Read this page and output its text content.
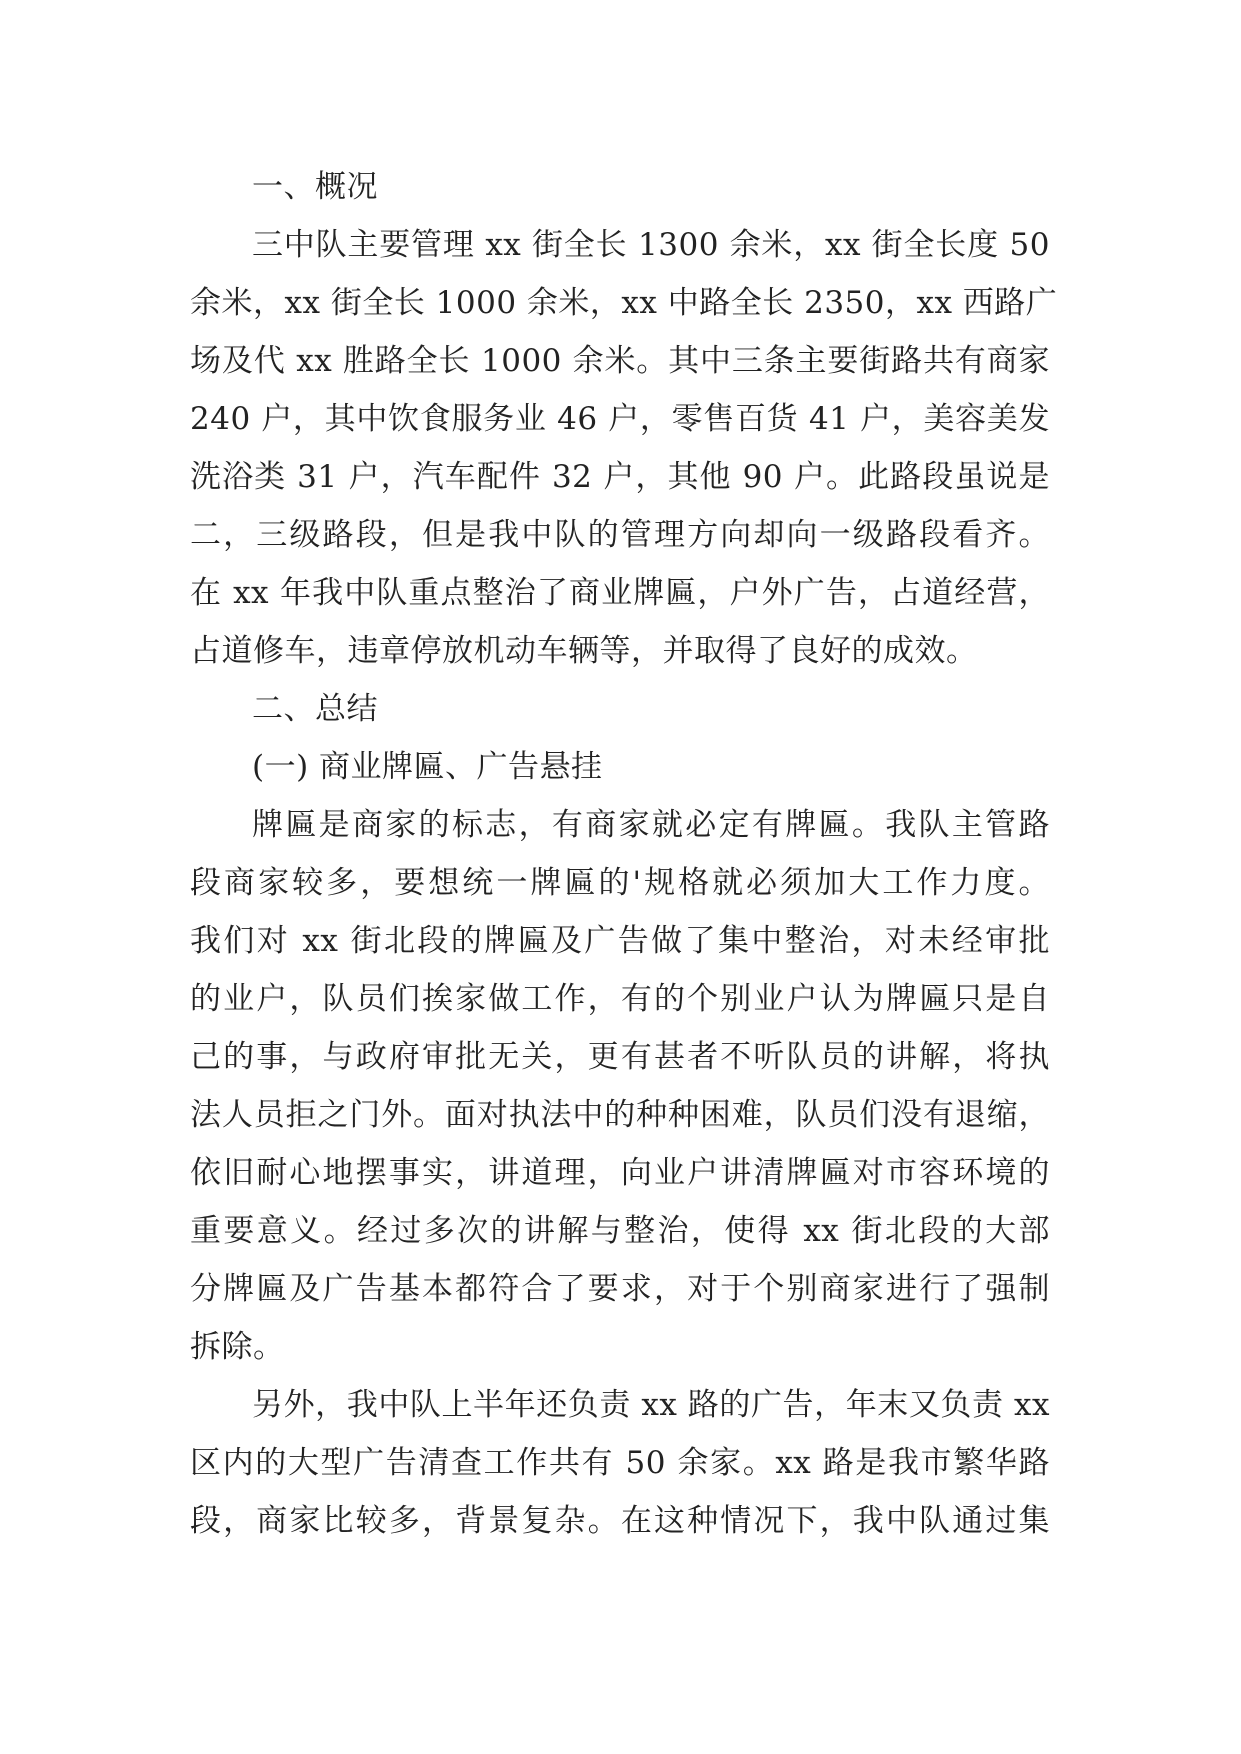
一、概况
三中队主要管理 xx 街全长 1300 余米，xx 街全长度 50
余米，xx 街全长 1000 余米，xx 中路全长 2350，xx 西路广
场及代 xx 胜路全长 1000 余米。其中三条主要街路共有商家
240 户，其中饮食服务业 46 户，零售百货 41 户，美容美发
洗浴类 31 户，汽车配件 32 户，其他 90 户。此路段虽说是
二，三级路段，但是我中队的管理方向却向一级路段看齐。
在 xx 年我中队重点整治了商业牌匾，户外广告，占道经营，
占道修车，违章停放机动车辆等，并取得了良好的成效。
二、总结
(一) 商业牌匾、广告悬挂
牌匾是商家的标志，有商家就必定有牌匾。我队主管路
段商家较多，要想统一牌匾的'规格就必须加大工作力度。
我们对 xx 街北段的牌匾及广告做了集中整治，对未经审批
的业户，队员们挨家做工作，有的个别业户认为牌匾只是自
己的事，与政府审批无关，更有甚者不听队员的讲解，将执
法人员拒之门外。面对执法中的种种困难，队员们没有退缩，
依旧耐心地摆事实，讲道理，向业户讲清牌匾对市容环境的
重要意义。经过多次的讲解与整治，使得 xx 街北段的大部
分牌匾及广告基本都符合了要求，对于个别商家进行了强制
拆除。
另外，我中队上半年还负责 xx 路的广告，年末又负责 xx
区内的大型广告清查工作共有 50 余家。xx 路是我市繁华路
段，商家比较多，背景复杂。在这种情况下，我中队通过集
